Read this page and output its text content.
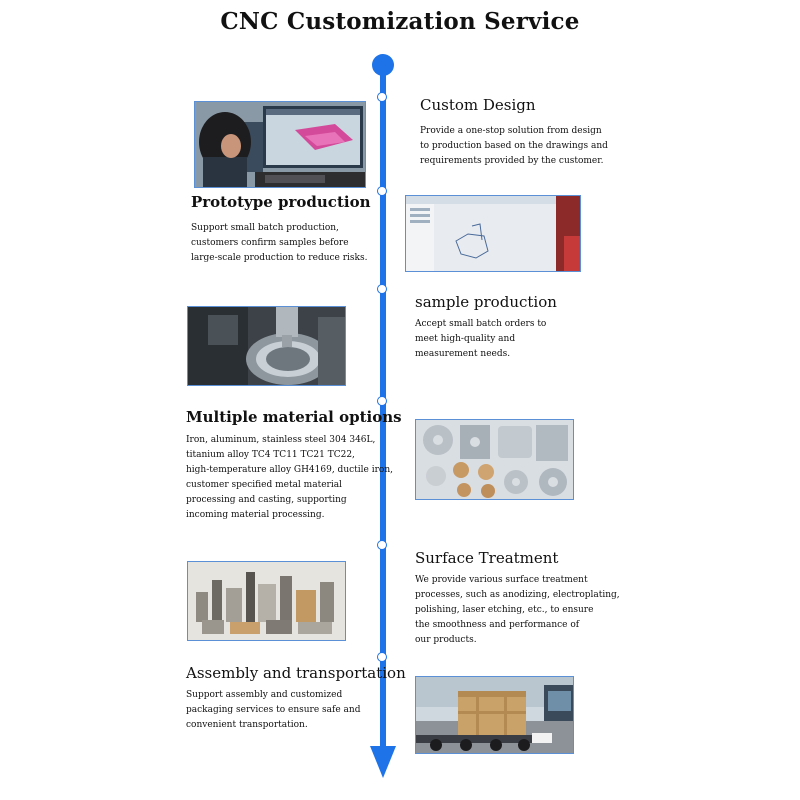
CNC Customization Service
Custom Design
Provide a one-stop solution from design
to production based on the drawings and
requirements provided by the customer.
Prototype production
Support small batch production,
customers confirm samples before
large-scale production to reduce risks.
sample production
Accept small batch orders to
meet high-quality and
measurement needs.
Multiple material options
Iron, aluminum, stainless steel 304 346L,
titanium alloy TC4 TC11 TC21 TC22,
high-temperature alloy GH4169, ductile iron,
customer specified metal material
processing and casting, supporting
incoming material processing.
Surface Treatment
We provide various surface treatment
processes, such as anodizing, electroplating,
polishing, laser etching, etc., to ensure
the smoothness and performance of
our products.
Assembly and transportation
Support assembly and customized
packaging services to ensure safe and
convenient transportation.
